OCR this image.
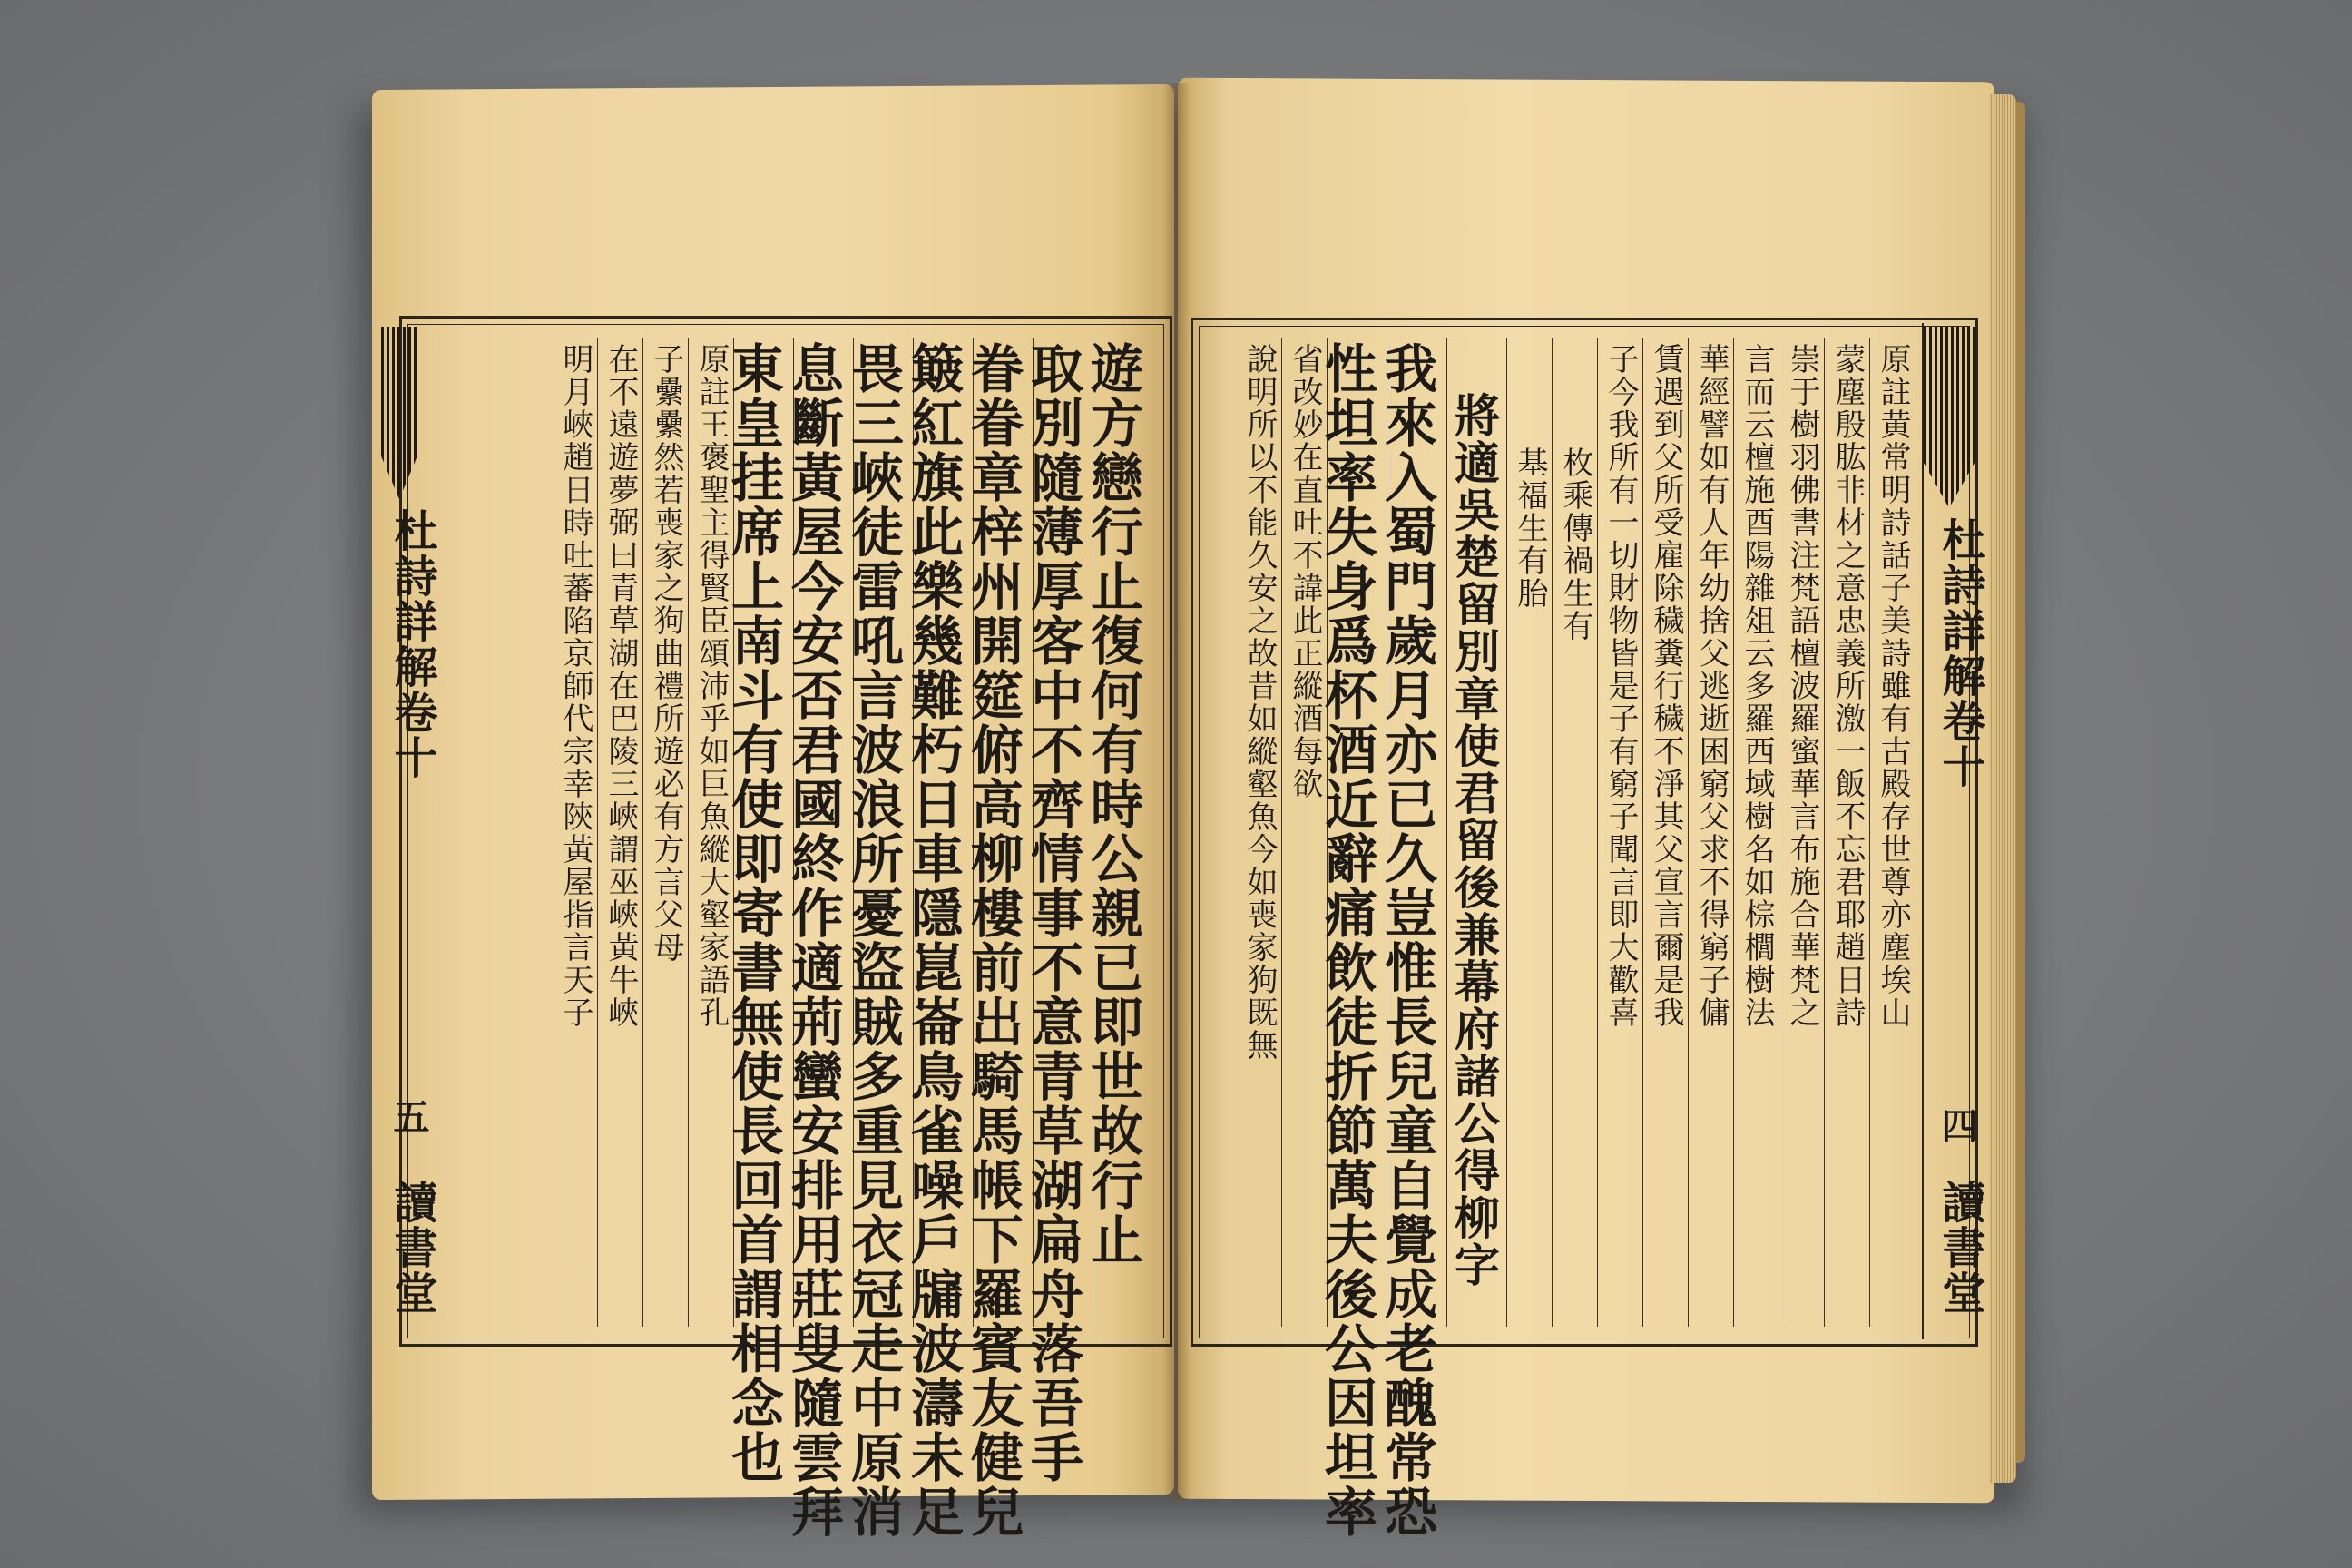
杜詩詳解卷十
四
讀書堂
原註黃常明詩話子美詩雖有古殿存世尊亦塵埃山
蒙塵殷肱非材之意忠義所激一飯不忘君耶趙日詩
崇于樹羽佛書注梵語檀波羅蜜華言布施合華梵之
言而云檀施酉陽雜俎云多羅西域樹名如棕櫚樹法
華經譬如有人年幼捨父逃逝困窮父求不得窮子傭
賃遇到父所受雇除穢糞行穢不淨其父宣言爾是我
子今我所有一切財物皆是子有窮子聞言即大歡喜
枚乘傳禍生有
基福生有胎
將適吳楚留別章使君留後兼幕府諸公得柳字
我來入蜀門歲月亦已久豈惟長兒童自覺成老醜常恐
性坦率失身爲杯酒近辭痛飲徒折節萬夫後公因坦率
省改妙在直吐不諱此正縱酒每欲
說明所以不能久安之故昔如縱壑魚今如喪家狗既無
杜詩詳解卷十
五
讀書堂	遊方戀行止復何有時公親已即世故行止
取別隨薄厚客中不齊情事不意青草湖扁舟落吾手
眷眷章梓州開筵俯高柳樓前出騎馬帳下羅賓友健兒
簸紅旗此樂幾難朽日車隱崑崙鳥雀噪戶牖波濤未足
畏三峽徒雷吼言波浪所憂盜賊多重見衣冠走中原消
息斷黃屋今安否君國終作適荊蠻安排用莊叟隨雲拜
東皇挂席上南斗有使即寄書無使長回首謂相念也
原註王褒聖主得賢臣頌沛乎如巨魚縱大壑家語孔
子纍纍然若喪家之狗曲禮所遊必有方言父母
在不遠遊夢弼曰青草湖在巴陵三峽謂巫峽黃牛峽
明月峽趙日時吐蕃陷京師代宗幸陝黃屋指言天子
